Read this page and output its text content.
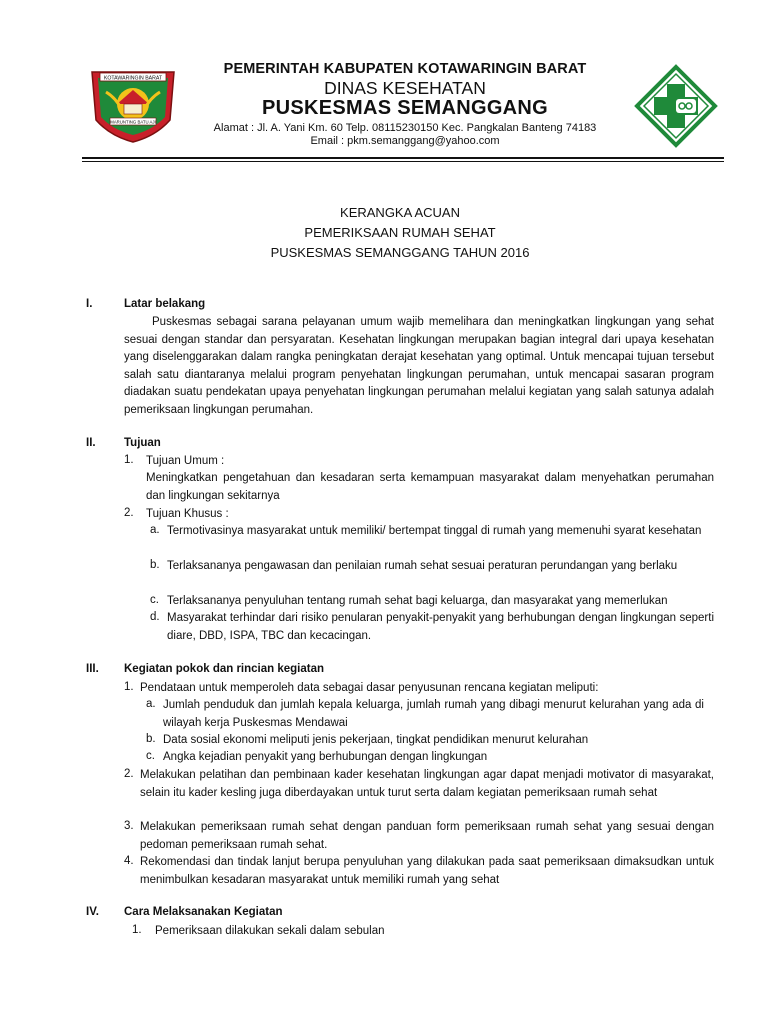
KOTAWARINGIN BARAT
MARUNTING BATU AJI
PEMERINTAH KABUPATEN KOTAWARINGIN BARAT
DINAS KESEHATAN
PUSKESMAS SEMANGGANG
Alamat : Jl. A. Yani Km. 60 Telp. 08115230150 Kec. Pangkalan Banteng 74183
Email : pkm.semanggang@yahoo.com
KERANGKA ACUAN
PEMERIKSAAN RUMAH SEHAT
PUSKESMAS SEMANGGANG TAHUN 2016
I.	Latar belakang

Puskesmas sebagai sarana pelayanan umum wajib memelihara dan meningkatkan lingkungan yang sehat sesuai dengan standar dan persyaratan. Kesehatan lingkungan merupakan bagian integral dari upaya kesehatan yang diselenggarakan dalam rangka peningkatan derajat kesehatan yang optimal. Untuk mencapai tujuan tersebut salah satu diantaranya melalui program penyehatan lingkungan perumahan, untuk mencapai sasaran program diadakan suatu pendekatan upaya penyehatan lingkungan perumahan melalui kegiatan yang salah satunya adalah pemeriksaan lingkungan perumahan.

II. Tujuan
1. Tujuan Umum :

Meningkatkan pengetahuan dan kesadaran serta kemampuan masyarakat dalam menyehatkan perumahan dan lingkungan sekitarnya

2. Tujuan Khusus :
a. Termotivasinya masyarakat untuk memiliki/ bertempat tinggal di rumah yang memenuhi syarat kesehatan

b. Terlaksananya pengawasan dan penilaian rumah sehat sesuai peraturan perundangan yang berlaku

c. Terlaksananya penyuluhan tentang rumah sehat bagi keluarga, dan masyarakat yang memerlukan

d. Masyarakat terhindar dari risiko penularan penyakit-penyakit yang berhubungan dengan lingkungan seperti diare, DBD, ISPA, TBC dan kecacingan.

III. Kegiatan pokok dan rincian kegiatan
1. Pendataan untuk memperoleh data sebagai dasar penyusunan rencana kegiatan meliputi:

a. Jumlah penduduk dan jumlah kepala keluarga, jumlah rumah yang dibagi menurut kelurahan yang ada di wilayah kerja Puskesmas Mendawai

b. Data sosial ekonomi meliputi jenis pekerjaan, tingkat pendidikan menurut kelurahan

c. Angka kejadian penyakit yang berhubungan dengan lingkungan

2. Melakukan pelatihan dan pembinaan kader kesehatan lingkungan agar dapat menjadi motivator di masyarakat, selain itu kader kesling juga diberdayakan untuk turut serta dalam kegiatan pemeriksaan rumah sehat

3. Melakukan pemeriksaan rumah sehat dengan panduan form pemeriksaan rumah sehat yang sesuai dengan pedoman pemeriksaan rumah sehat.

4. Rekomendasi dan tindak lanjut berupa penyuluhan yang dilakukan pada saat pemeriksaan dimaksudkan untuk menimbulkan kesadaran masyarakat untuk memiliki rumah yang sehat

IV. Cara Melaksanakan Kegiatan
1. Pemeriksaan dilakukan sekali dalam sebulan
